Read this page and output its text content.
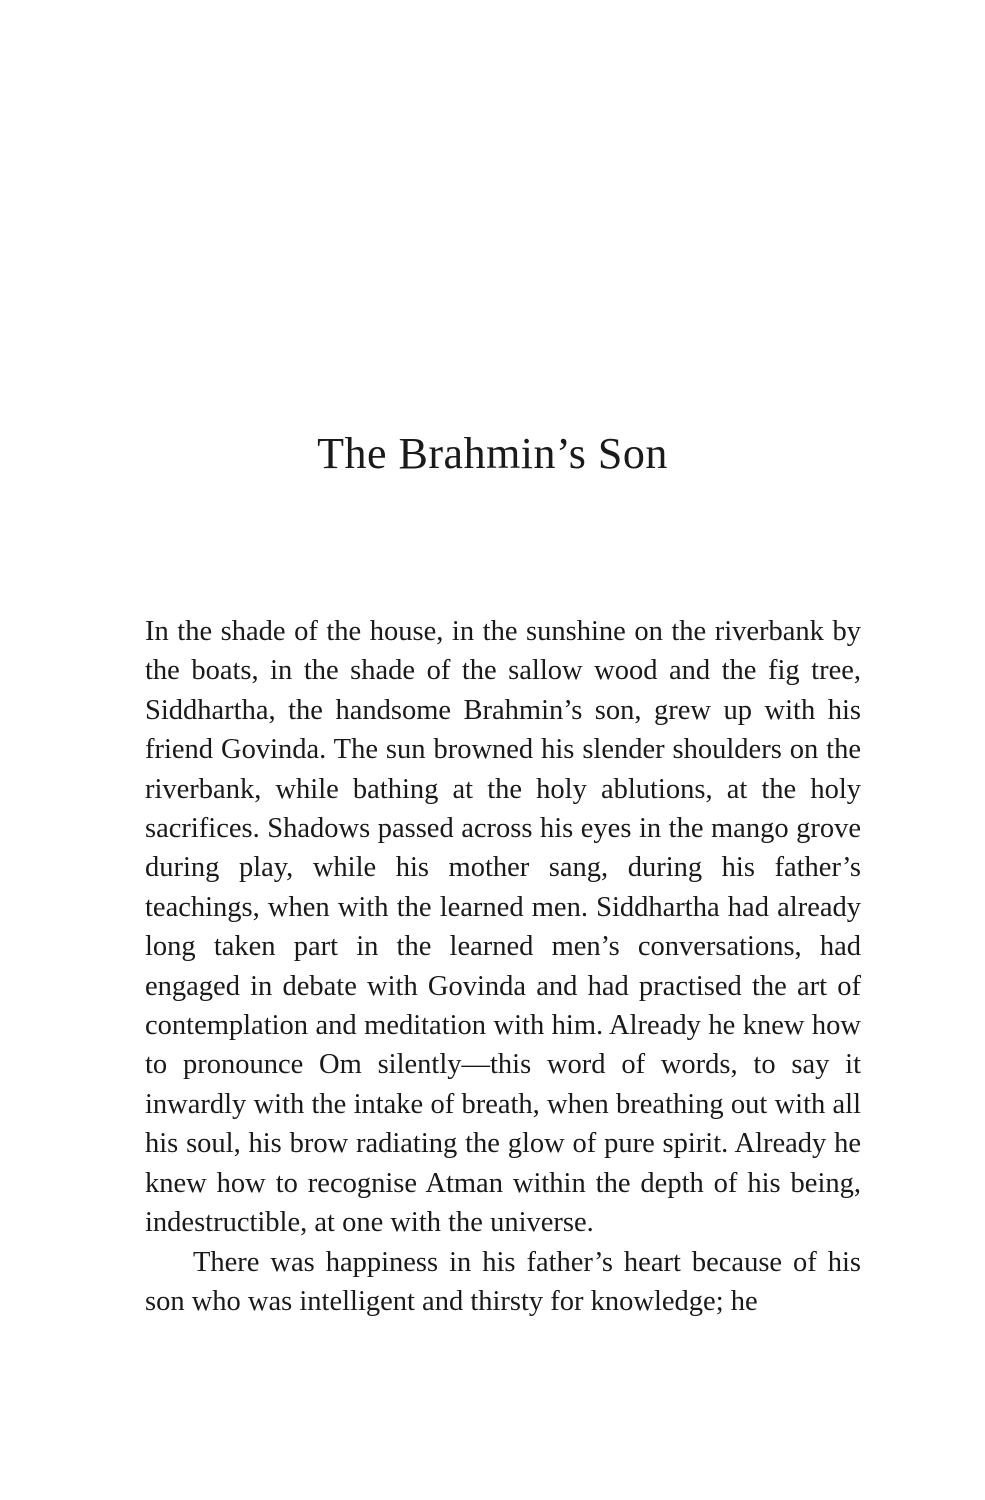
The Brahmin’s Son

In the shade of the house, in the sunshine on the riverbank by the boats, in the shade of the sallow wood and the fig tree, Siddhartha, the handsome Brahmin’s son, grew up with his friend Govinda. The sun browned his slender shoulders on the riverbank, while bathing at the holy ablutions, at the holy sacrifices. Shadows passed across his eyes in the mango grove during play, while his mother sang, during his father’s teachings, when with the learned men. Siddhartha had already long taken part in the learned men’s conversations, had engaged in debate with Govinda and had practised the art of contemplation and meditation with him. Already he knew how to pronounce Om silently—this word of words, to say it inwardly with the intake of breath, when breathing out with all his soul, his brow radiating the glow of pure spirit. Already he knew how to recognise Atman within the depth of his being, indestructible, at one with the universe.

There was happiness in his father’s heart because of his son who was intelligent and thirsty for knowledge; he
